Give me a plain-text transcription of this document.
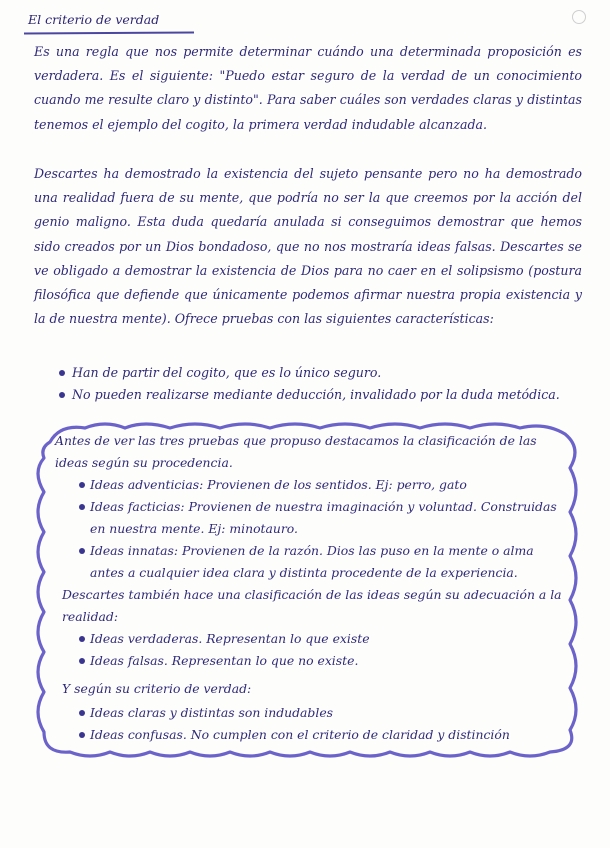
El criterio de verdad
Es una regla que nos permite determinar cuándo una determinada proposición es verdadera. Es el siguiente: "Puedo estar seguro de la verdad de un conocimiento cuando me resulte claro y distinto". Para saber cuáles son verdades claras y distintas tenemos el ejemplo del cogito, la primera verdad indudable alcanzada.
Descartes ha demostrado la existencia del sujeto pensante pero no ha demostrado una realidad fuera de su mente, que podría no ser la que creemos por la acción del genio maligno. Esta duda quedaría anulada si conseguimos demostrar que hemos sido creados por un Dios bondadoso, que no nos mostraría ideas falsas. Descartes se ve obligado a demostrar la existencia de Dios para no caer en el solipsismo (postura filosófica que defiende que únicamente podemos afirmar nuestra propia existencia y la de nuestra mente). Ofrece pruebas con las siguientes características:
Han de partir del cogito, que es lo único seguro.
No pueden realizarse mediante deducción, invalidado por la duda metódica.
Antes de ver las tres pruebas que propuso destacamos la clasificación de las ideas según su procedencia.
Ideas adventicias: Provienen de los sentidos. Ej: perro, gato
Ideas facticias: Provienen de nuestra imaginación y voluntad. Construidas en nuestra mente. Ej: minotauro.
Ideas innatas: Provienen de la razón. Dios las puso en la mente o alma antes a cualquier idea clara y distinta procedente de la experiencia.
Descartes también hace una clasificación de las ideas según su adecuación a la realidad:
Ideas verdaderas. Representan lo que existe
Ideas falsas. Representan lo que no existe.
Y según su criterio de verdad:
Ideas claras y distintas son indudables
Ideas confusas. No cumplen con el criterio de claridad y distinción
